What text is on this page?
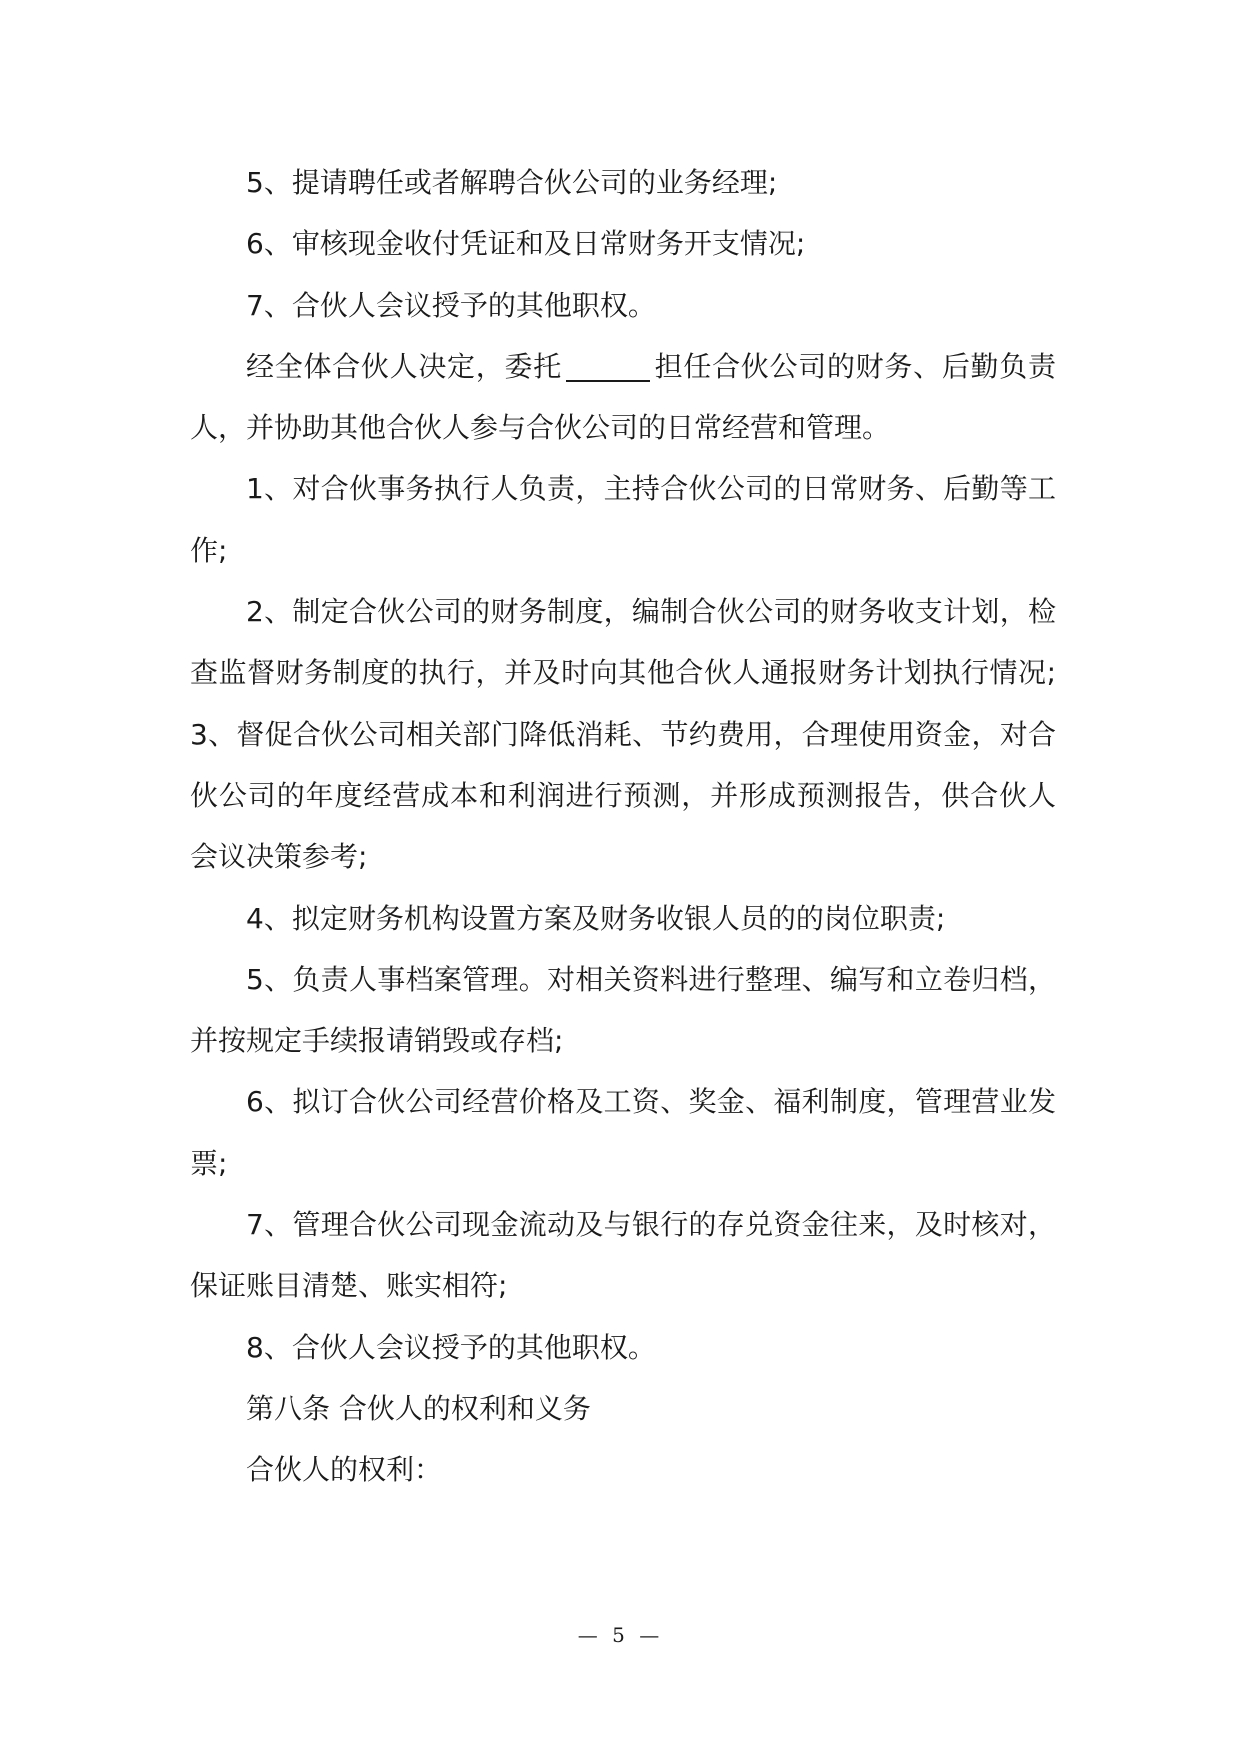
5、提请聘任或者解聘合伙公司的业务经理;

6、审核现金收付凭证和及日常财务开支情况;

7、合伙人会议授予的其他职权。

经全体合伙人决定，委托	担任合伙公司的财务、后勤负责人，并协助其他合伙人参与合伙公司的日常经营和管理。

1、对合伙事务执行人负责，主持合伙公司的日常财务、后勤等工作;

2、制定合伙公司的财务制度，编制合伙公司的财务收支计划，检查监督财务制度的执行，并及时向其他合伙人通报财务计划执行情况; 3、督促合伙公司相关部门降低消耗、节约费用，合理使用资金，对合伙公司的年度经营成本和利润进行预测，并形成预测报告，供合伙人会议决策参考;

4、拟定财务机构设置方案及财务收银人员的的岗位职责;

5、负责人事档案管理。对相关资料进行整理、编写和立卷归档，并按规定手续报请销毁或存档;

6、拟订合伙公司经营价格及工资、奖金、福利制度，管理营业发票;

7、管理合伙公司现金流动及与银行的存兑资金往来，及时核对，保证账目清楚、账实相符;

8、合伙人会议授予的其他职权。

第八条 合伙人的权利和义务

合伙人的权利：

— 5 —
